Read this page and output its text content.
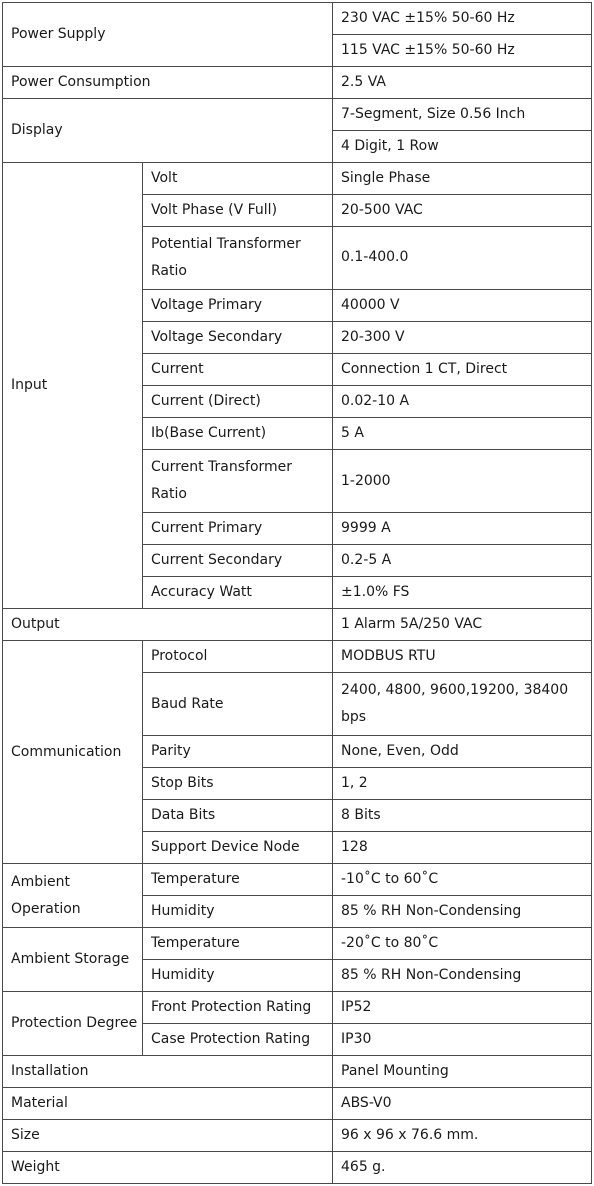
Power Supply		230 VAC ±15% 50-60 Hz
		115 VAC ±15% 50-60 Hz
Power Consumption		2.5 VA
Display		7-Segment, Size 0.56 Inch
		4 Digit, 1 Row
Input	Volt	Single Phase
	Volt Phase (V Full)	20-500 VAC
	Potential Transformer Ratio	0.1-400.0
	Voltage Primary	40000 V
	Voltage Secondary	20-300 V
	Current	Connection 1 CT, Direct
	Current (Direct)	0.02-10 A
	Ib(Base Current)	5 A
	Current Transformer Ratio	1-2000
	Current Primary	9999 A
	Current Secondary	0.2-5 A
	Accuracy Watt	±1.0% FS
Output		1 Alarm 5A/250 VAC
Communication	Protocol	MODBUS RTU
	Baud Rate	2400, 4800, 9600,19200, 38400 bps
	Parity	None, Even, Odd
	Stop Bits	1, 2
	Data Bits	8 Bits
	Support Device Node	128
Ambient Operation	Temperature	-10˚C to 60˚C
	Humidity	85 % RH Non-Condensing
Ambient Storage	Temperature	-20˚C to 80˚C
	Humidity	85 % RH Non-Condensing
Protection Degree	Front Protection Rating	IP52
	Case Protection Rating	IP30
Installation		Panel Mounting
Material		ABS-V0
Size		96 x 96 x 76.6 mm.
Weight		465 g.
